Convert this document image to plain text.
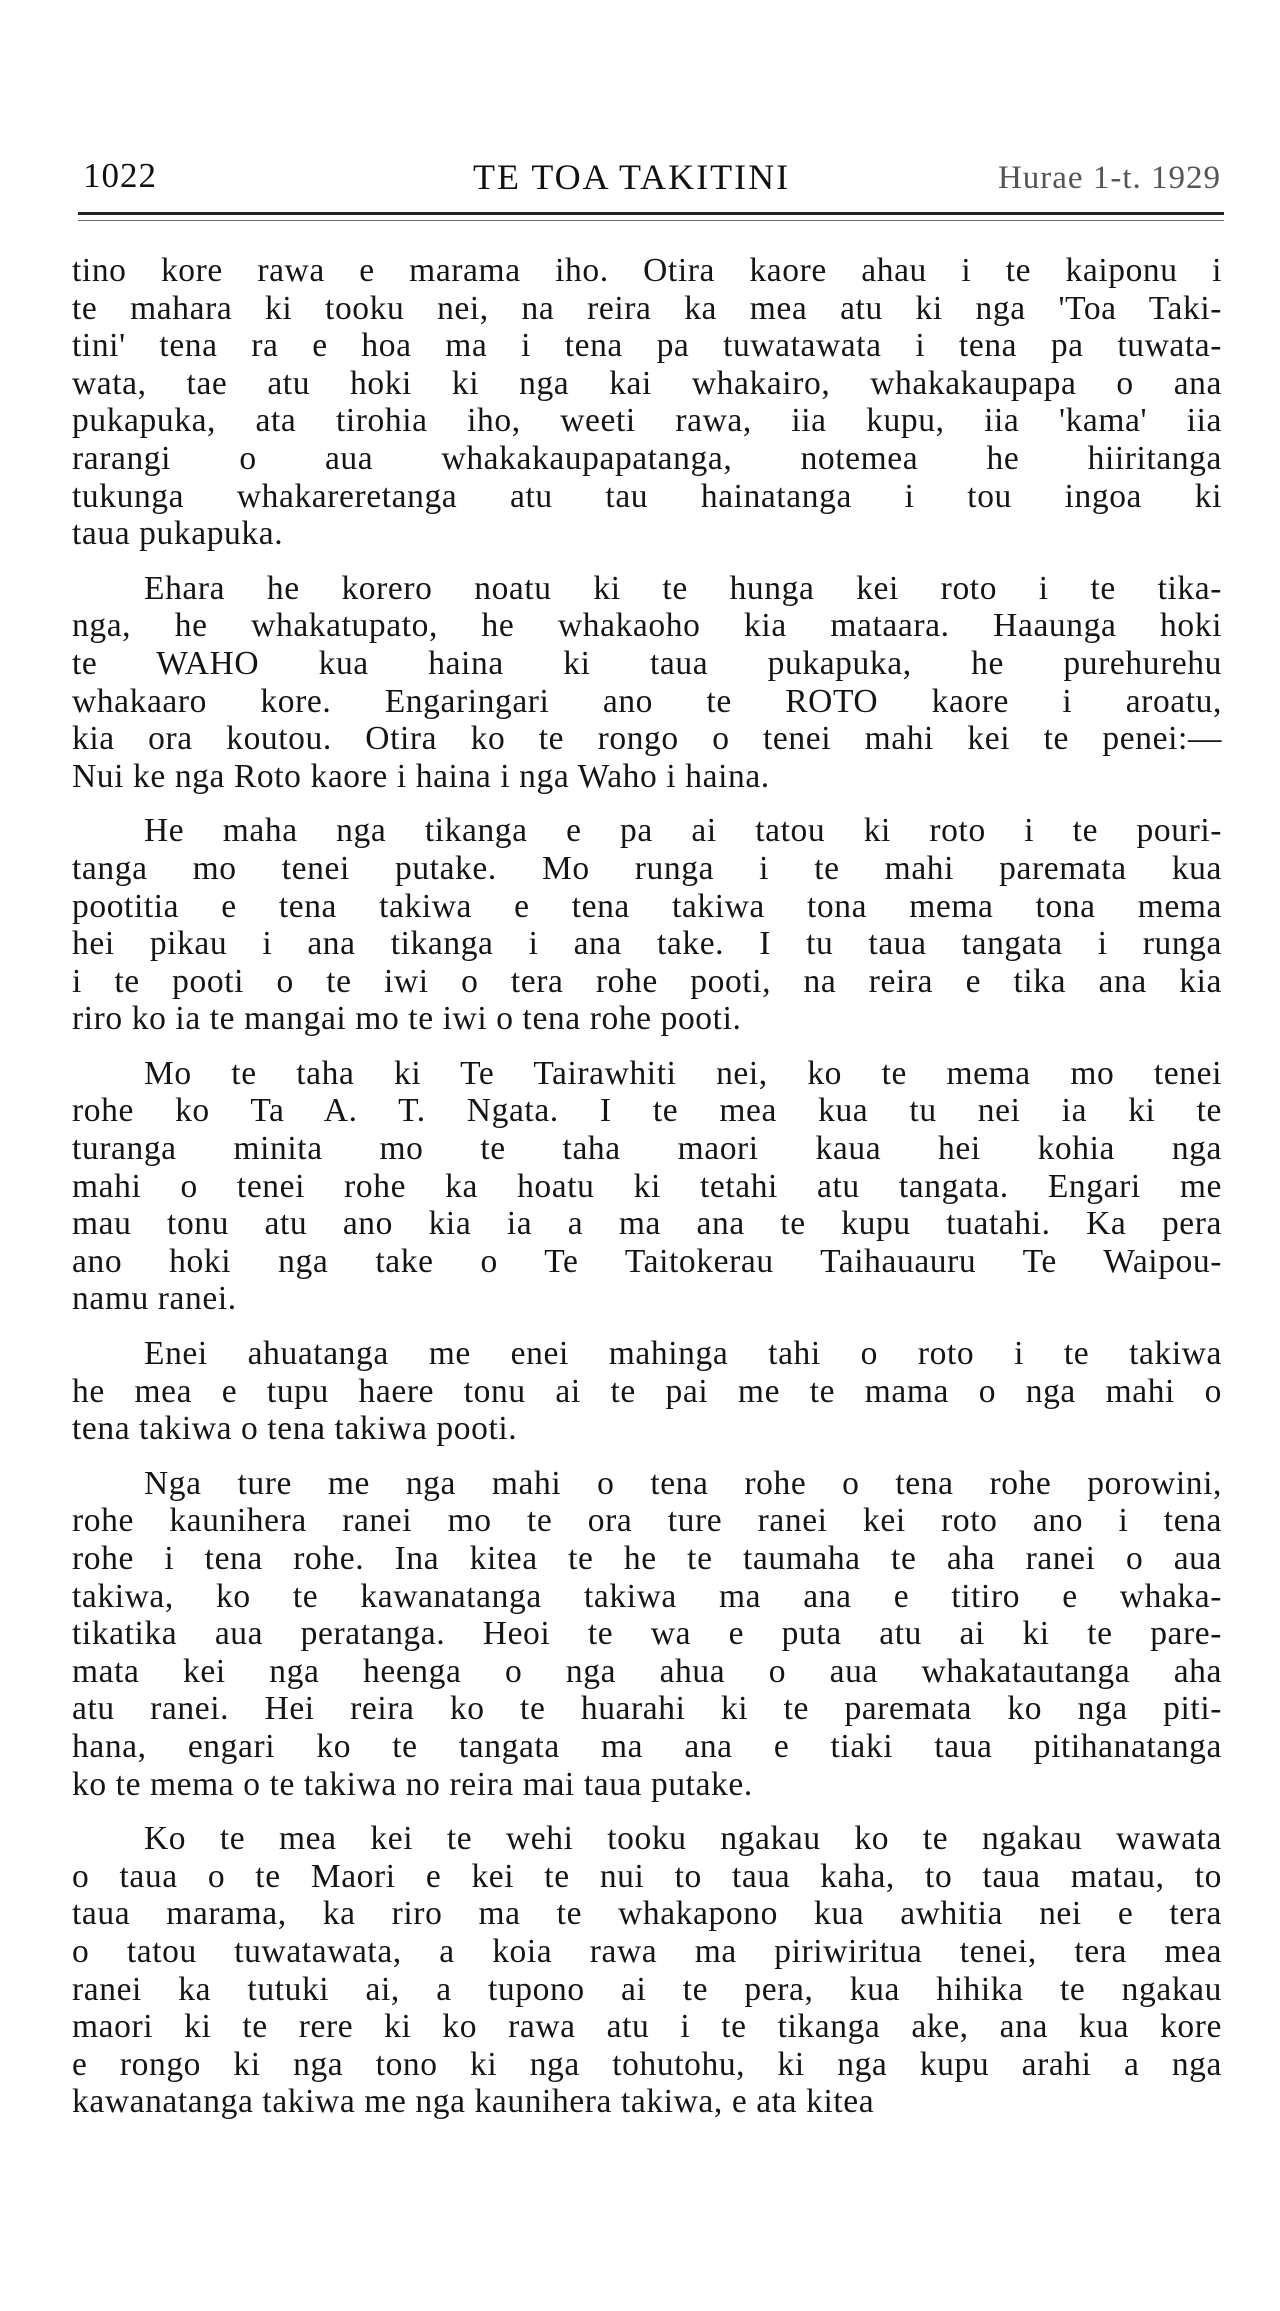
1022	TE TOA TAKITINI	Hurae 1-t. 1929
tino kore rawa e marama iho. Otira kaore ahau i te kaiponu i
te mahara ki tooku nei, na reira ka mea atu ki nga 'Toa Taki-
tini' tena ra e hoa ma i tena pa tuwatawata i tena pa tuwata-
wata, tae atu hoki ki nga kai whakairo, whakakaupapa o ana
pukapuka, ata tirohia iho, weeti rawa, iia kupu, iia 'kama' iia
rarangi o aua whakakaupapatanga, notemea he hiiritanga
tukunga whakareretanga atu tau hainatanga i tou ingoa ki
taua pukapuka.
Ehara he korero noatu ki te hunga kei roto i te tika-
nga, he whakatupato, he whakaoho kia mataara. Haaunga hoki
te WAHO kua haina ki taua pukapuka, he purehurehu
whakaaro kore. Engaringari ano te ROTO kaore i aroatu,
kia ora koutou. Otira ko te rongo o tenei mahi kei te penei:—
Nui ke nga Roto kaore i haina i nga Waho i haina.
He maha nga tikanga e pa ai tatou ki roto i te pouri-
tanga mo tenei putake. Mo runga i te mahi paremata kua
pootitia e tena takiwa e tena takiwa tona mema tona mema
hei pikau i ana tikanga i ana take. I tu taua tangata i runga
i te pooti o te iwi o tera rohe pooti, na reira e tika ana kia
riro ko ia te mangai mo te iwi o tena rohe pooti.
Mo te taha ki Te Tairawhiti nei, ko te mema mo tenei
rohe ko Ta A. T. Ngata. I te mea kua tu nei ia ki te
turanga minita mo te taha maori kaua hei kohia nga
mahi o tenei rohe ka hoatu ki tetahi atu tangata. Engari me
mau tonu atu ano kia ia a ma ana te kupu tuatahi. Ka pera
ano hoki nga take o Te Taitokerau Taihauauru Te Waipou-
namu ranei.
Enei ahuatanga me enei mahinga tahi o roto i te takiwa
he mea e tupu haere tonu ai te pai me te mama o nga mahi o
tena takiwa o tena takiwa pooti.
Nga ture me nga mahi o tena rohe o tena rohe porowini,
rohe kaunihera ranei mo te ora ture ranei kei roto ano i tena
rohe i tena rohe. Ina kitea te he te taumaha te aha ranei o aua
takiwa, ko te kawanatanga takiwa ma ana e titiro e whaka-
tikatika aua peratanga. Heoi te wa e puta atu ai ki te pare-
mata kei nga heenga o nga ahua o aua whakatautanga aha
atu ranei. Hei reira ko te huarahi ki te paremata ko nga piti-
hana, engari ko te tangata ma ana e tiaki taua pitihanatanga
ko te mema o te takiwa no reira mai taua putake.
Ko te mea kei te wehi tooku ngakau ko te ngakau wawata
o taua o te Maori e kei te nui to taua kaha, to taua matau, to
taua marama, ka riro ma te whakapono kua awhitia nei e tera
o tatou tuwatawata, a koia rawa ma piriwiritua tenei, tera mea
ranei ka tutuki ai, a tupono ai te pera, kua hihika te ngakau
maori ki te rere ki ko rawa atu i te tikanga ake, ana kua kore
e rongo ki nga tono ki nga tohutohu, ki nga kupu arahi a nga
kawanatanga takiwa me nga kaunihera takiwa, e ata kitea
